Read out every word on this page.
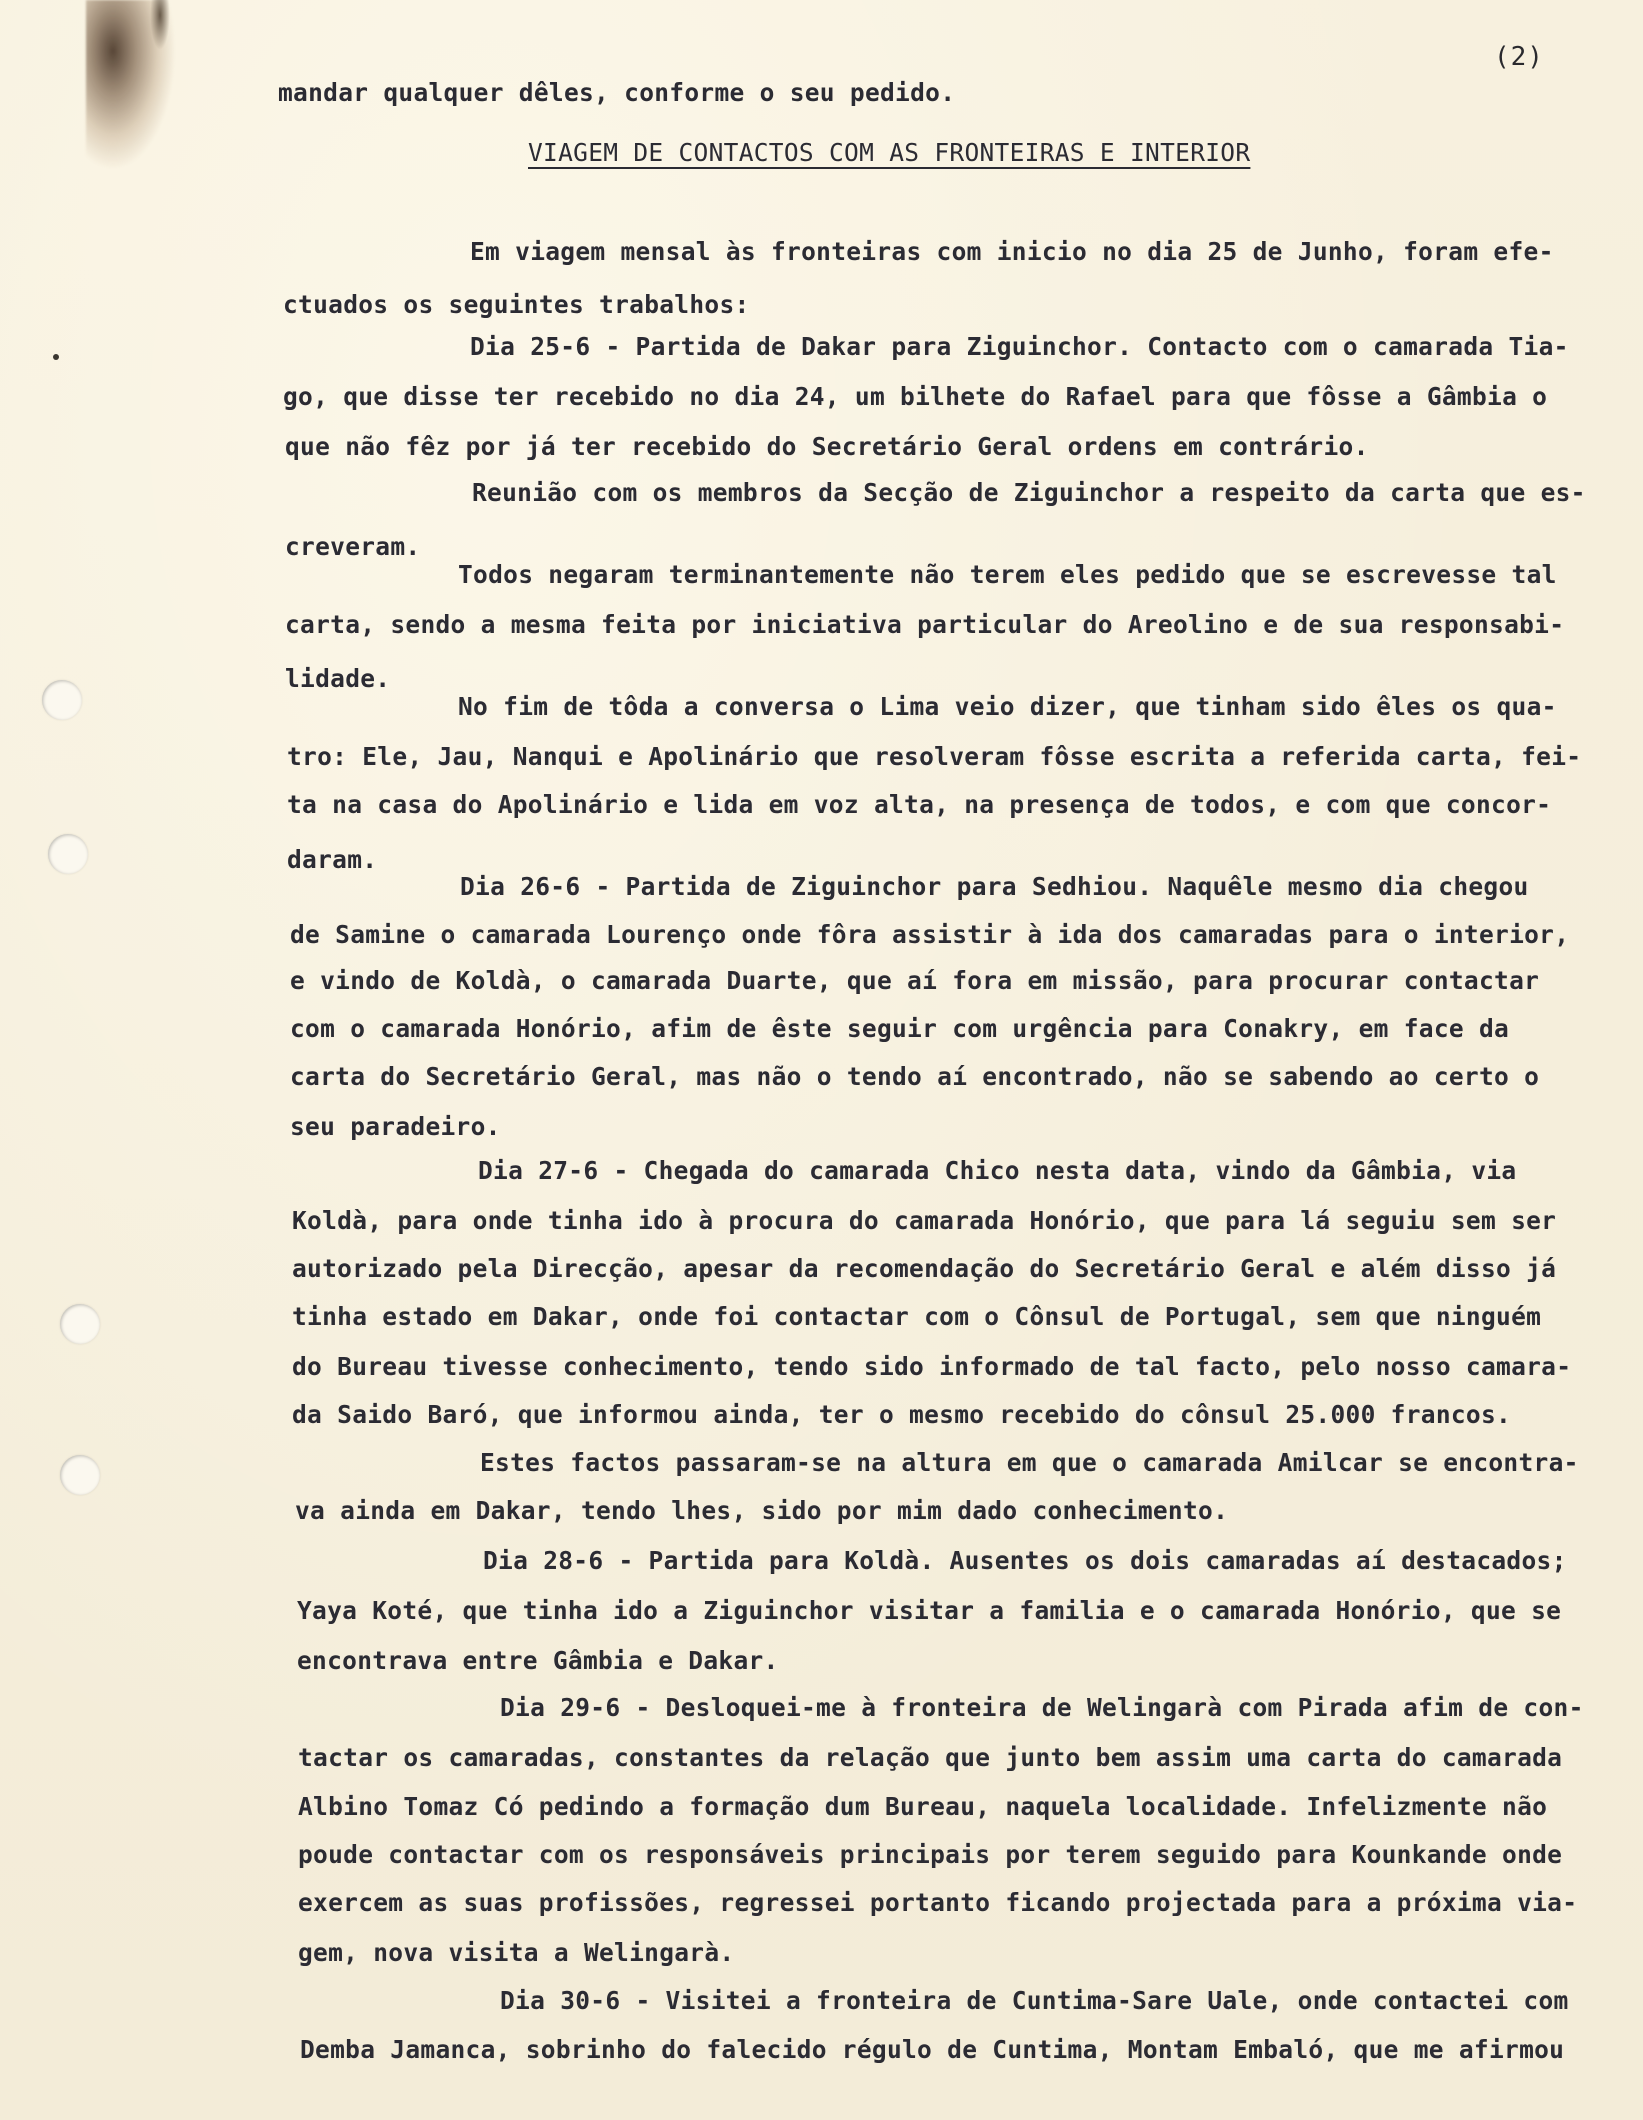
(2)
VIAGEM DE CONTACTOS COM AS FRONTEIRAS E INTERIOR
mandar qualquer dêles, conforme o seu pedido.
Em viagem mensal às fronteiras com inicio no dia 25 de Junho, foram efe-
ctuados os seguintes trabalhos:
Dia 25-6 - Partida de Dakar para Ziguinchor. Contacto com o camarada Tia-
go, que disse ter recebido no dia 24, um bilhete do Rafael para que fôsse a Gâmbia o
que não fêz por já ter recebido do Secretário Geral ordens em contrário.
Reunião com os membros da Secção de Ziguinchor a respeito da carta que es-
creveram.
Todos negaram terminantemente não terem eles pedido que se escrevesse tal
carta, sendo a mesma feita por iniciativa particular do Areolino e de sua responsabi-
lidade.
No fim de tôda a conversa o Lima veio dizer, que tinham sido êles os qua-
tro: Ele, Jau, Nanqui e Apolinário que resolveram fôsse escrita a referida carta, fei-
ta na casa do Apolinário e lida em voz alta, na presença de todos, e com que concor-
daram.
Dia 26-6 - Partida de Ziguinchor para Sedhiou. Naquêle mesmo dia chegou
de Samine o camarada Lourenço onde fôra assistir à ida dos camaradas para o interior,
e vindo de Koldà, o camarada Duarte, que aí fora em missão, para procurar contactar
com o camarada Honório, afim de êste seguir com urgência para Conakry, em face da
carta do Secretário Geral, mas não o tendo aí encontrado, não se sabendo ao certo o
seu paradeiro.
Dia 27-6 - Chegada do camarada Chico nesta data, vindo da Gâmbia, via
Koldà, para onde tinha ido à procura do camarada Honório, que para lá seguiu sem ser
autorizado pela Direcção, apesar da recomendação do Secretário Geral e além disso já
tinha estado em Dakar, onde foi contactar com o Cônsul de Portugal, sem que ninguém
do Bureau tivesse conhecimento, tendo sido informado de tal facto, pelo nosso camara-
da Saido Baró, que informou ainda, ter o mesmo recebido do cônsul 25.000 francos.
Estes factos passaram-se na altura em que o camarada Amilcar se encontra-
va ainda em Dakar, tendo lhes, sido por mim dado conhecimento.
Dia 28-6 - Partida para Koldà. Ausentes os dois camaradas aí destacados;
Yaya Koté, que tinha ido a Ziguinchor visitar a familia e o camarada Honório, que se
encontrava entre Gâmbia e Dakar.
Dia 29-6 - Desloquei-me à fronteira de Welingarà com Pirada afim de con-
tactar os camaradas, constantes da relação que junto bem assim uma carta do camarada
Albino Tomaz Có pedindo a formação dum Bureau, naquela localidade. Infelizmente não
poude contactar com os responsáveis principais por terem seguido para Kounkande onde
exercem as suas profissões, regressei portanto ficando projectada para a próxima via-
gem, nova visita a Welingarà.
Dia 30-6 - Visitei a fronteira de Cuntima-Sare Uale, onde contactei com
Demba Jamanca, sobrinho do falecido régulo de Cuntima, Montam Embaló, que me afirmou
